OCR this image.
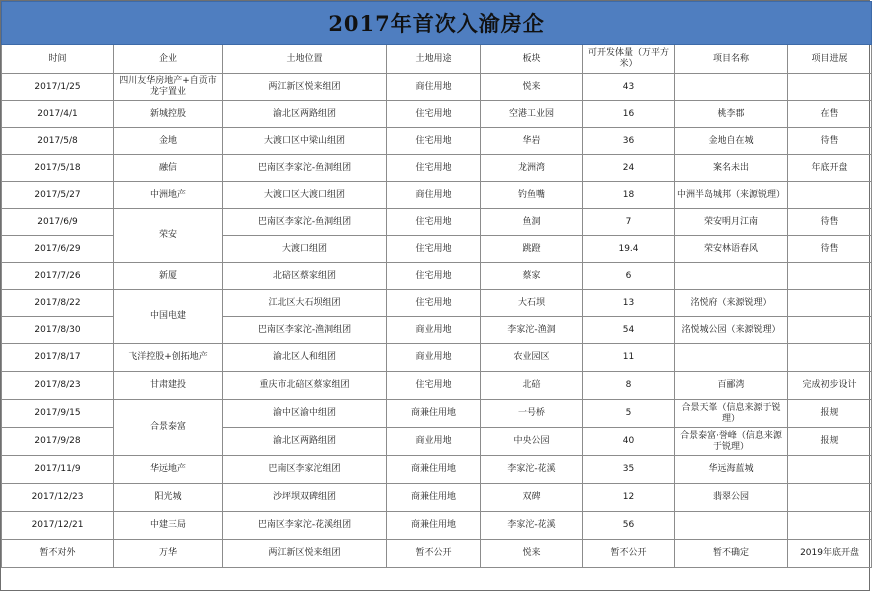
2017年首次入渝房企							
时间	企业	土地位置	土地用途	板块	可开发体量（万平方米）	项目名称	项目进展
2017/1/25	四川友华房地产+自贡市龙宇置业	两江新区悦来组团	商住用地	悦来	43		
2017/4/1	新城控股	渝北区两路组团	住宅用地	空港工业园	16	桃李郡	在售
2017/5/8	金地	大渡口区中梁山组团	住宅用地	华岩	36	金地自在城	待售
2017/5/18	融信	巴南区李家沱-鱼洞组团	住宅用地	龙洲湾	24	案名未出	年底开盘
2017/5/27	中洲地产	大渡口区大渡口组团	商住用地	钓鱼嘴	18	中洲半岛城邦（来源锐理）	
2017/6/9	荣安	巴南区李家沱-鱼洞组团	住宅用地	鱼洞	7	荣安明月江南	待售
2017/6/29		大渡口组团	住宅用地	跳蹬	19.4	荣安林语春风	待售
2017/7/26	新厦	北碚区蔡家组团	住宅用地	蔡家	6		
2017/8/22	中国电建	江北区大石坝组团	住宅用地	大石坝	13	洺悦府（来源锐理）	
2017/8/30		巴南区李家沱-渔洞组团	商业用地	李家沱-渔洞	54	洺悦城公园（来源锐理）	
2017/8/17	飞洋控股+创拓地产	渝北区人和组团	商业用地	农业园区	11		
2017/8/23	甘肃建投	重庆市北碚区蔡家组团	住宅用地	北碚	8	百郦湾	完成初步设计
2017/9/15	合景泰富	渝中区渝中组团	商兼住用地	一号桥	5	合景天峯（信息来源于锐理）	报规
2017/9/28		渝北区两路组团	商业用地	中央公园	40	合景泰富·誉峰（信息来源于锐理）	报规
2017/11/9	华远地产	巴南区李家沱组团	商兼住用地	李家沱-花溪	35	华远海蓝城	
2017/12/23	阳光城	沙坪坝双碑组团	商兼住用地	双碑	12	翡翠公园	
2017/12/21	中建三局	巴南区李家沱-花溪组团	商兼住用地	李家沱-花溪	56		
暂不对外	万华	两江新区悦来组团	暂不公开	悦来	暂不公开	暂不确定	2019年底开盘
